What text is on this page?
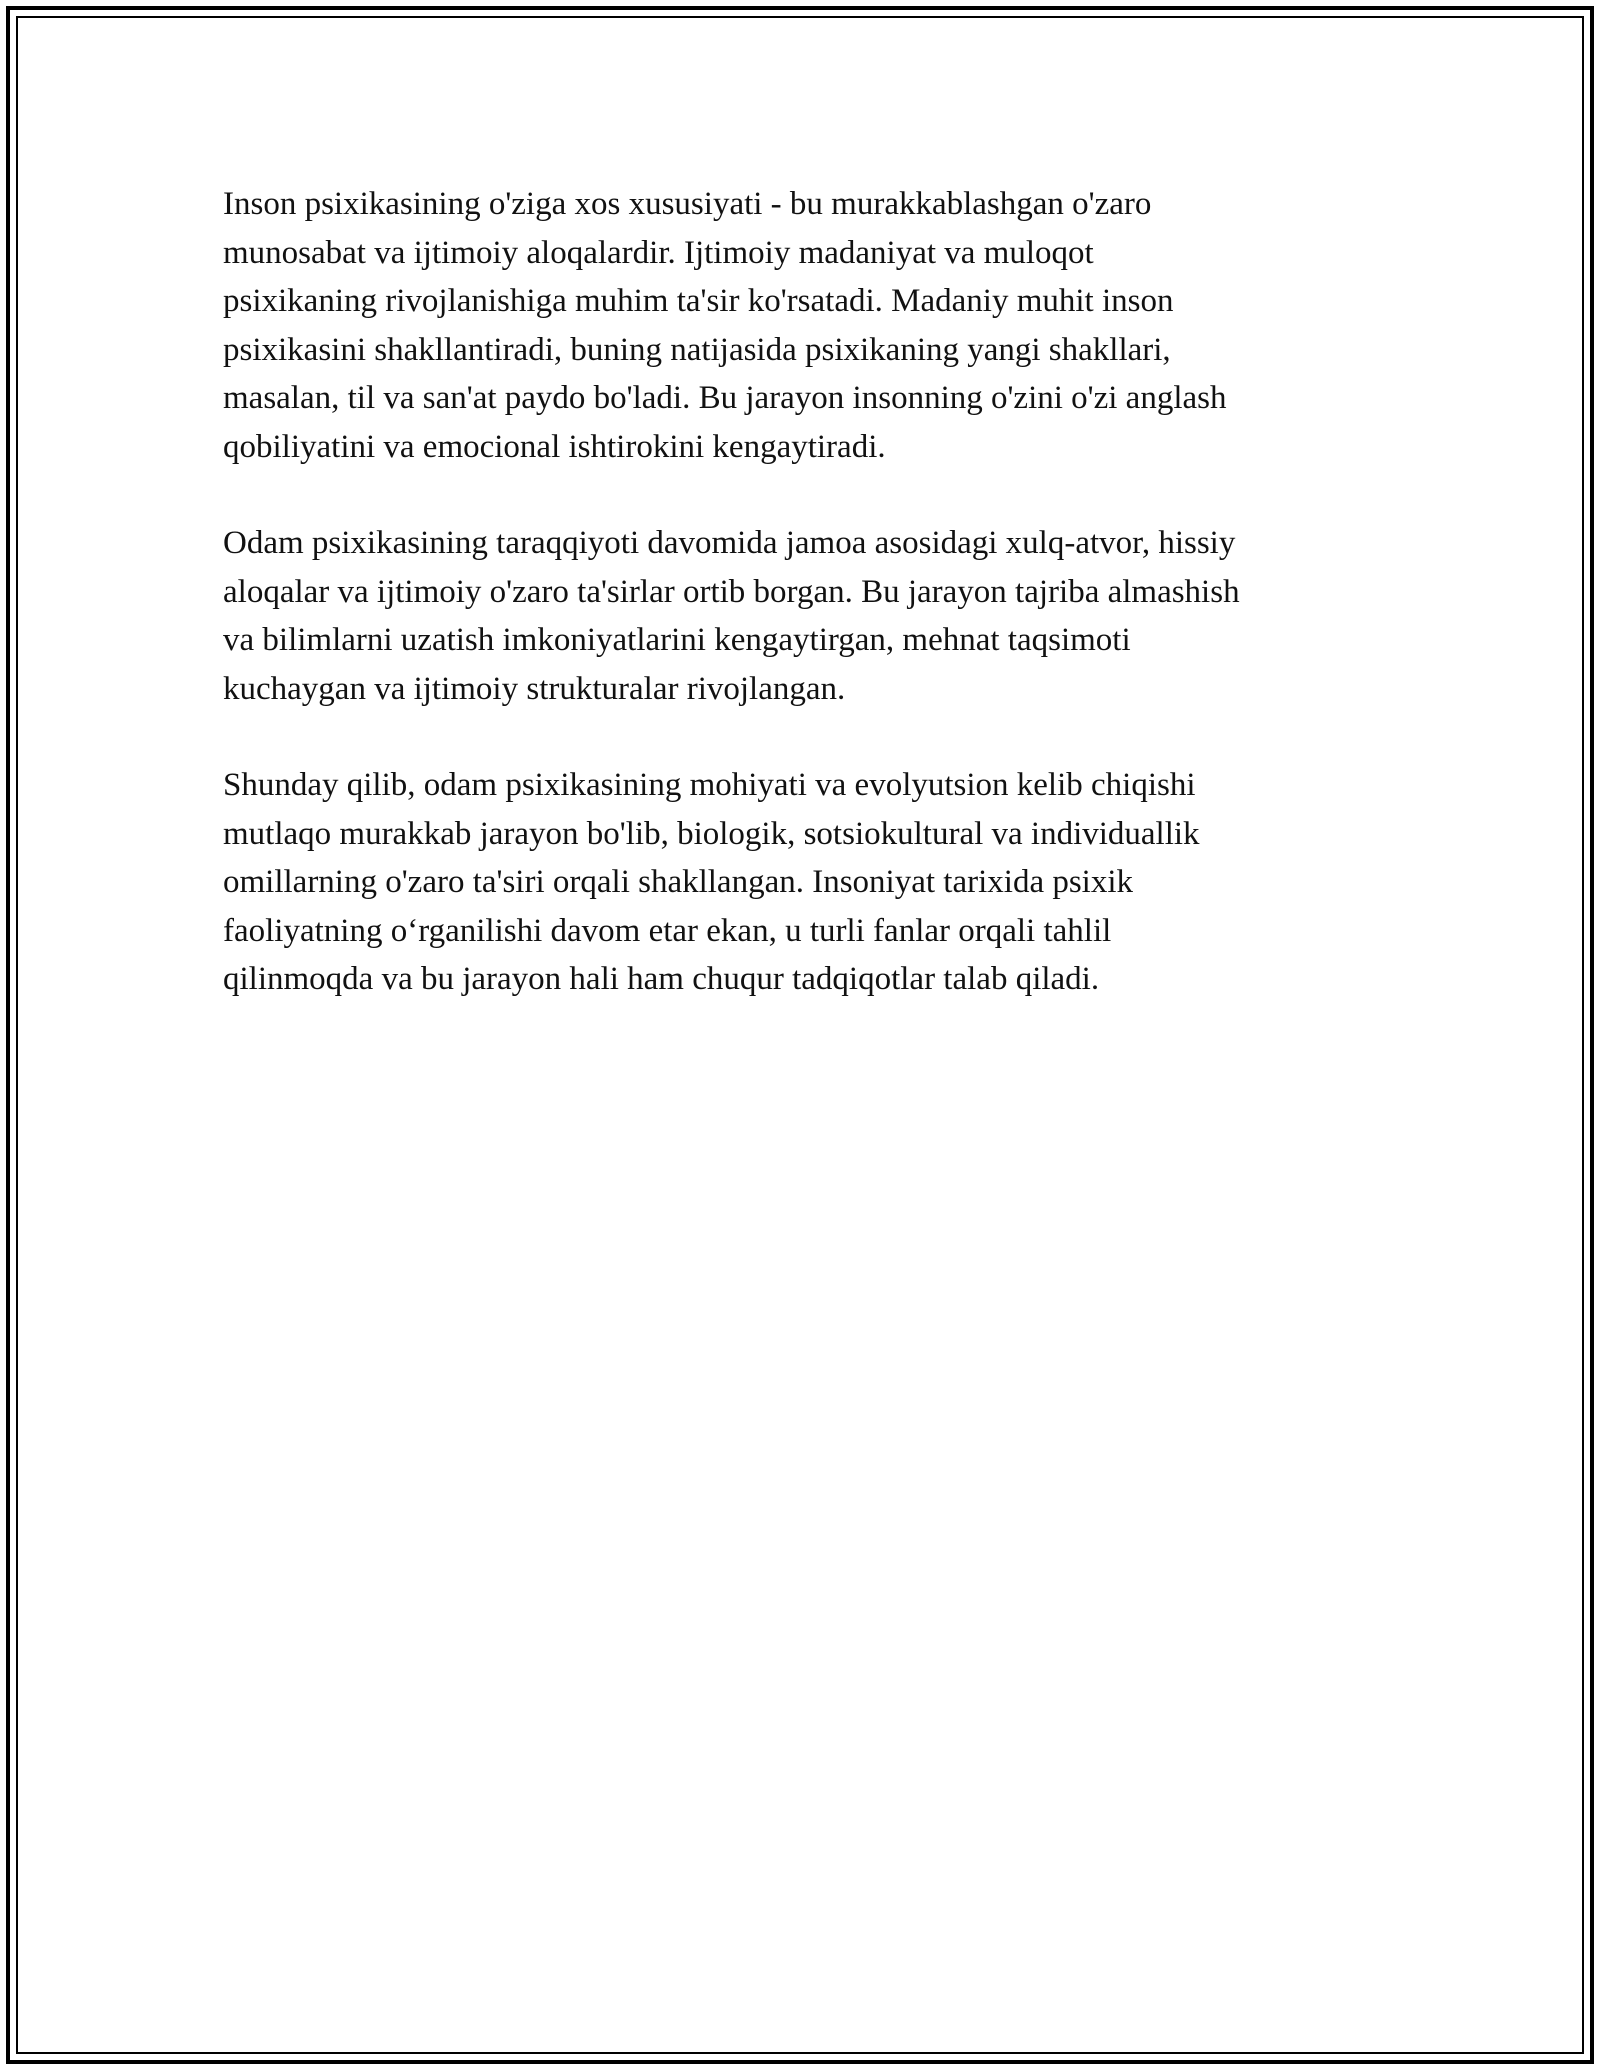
Inson psixikasining o'ziga xos xususiyati - bu murakkablashgan o'zaro
munosabat va ijtimoiy aloqalardir. Ijtimoiy madaniyat va muloqot
psixikaning rivojlanishiga muhim ta'sir ko'rsatadi. Madaniy muhit inson
psixikasini shakllantiradi, buning natijasida psixikaning yangi shakllari,
masalan, til va san'at paydo bo'ladi. Bu jarayon insonning o'zini o'zi anglash
qobiliyatini va emocional ishtirokini kengaytiradi.

Odam psixikasining taraqqiyoti davomida jamoa asosidagi xulq-atvor, hissiy
aloqalar va ijtimoiy o'zaro ta'sirlar ortib borgan. Bu jarayon tajriba almashish
va bilimlarni uzatish imkoniyatlarini kengaytirgan, mehnat taqsimoti
kuchaygan va ijtimoiy strukturalar rivojlangan.

Shunday qilib, odam psixikasining mohiyati va evolyutsion kelib chiqishi
mutlaqo murakkab jarayon bo'lib, biologik, sotsiokultural va individuallik
omillarning o'zaro ta'siri orqali shakllangan. Insoniyat tarixida psixik
faoliyatning o‘rganilishi davom etar ekan, u turli fanlar orqali tahlil
qilinmoqda va bu jarayon hali ham chuqur tadqiqotlar talab qiladi.
